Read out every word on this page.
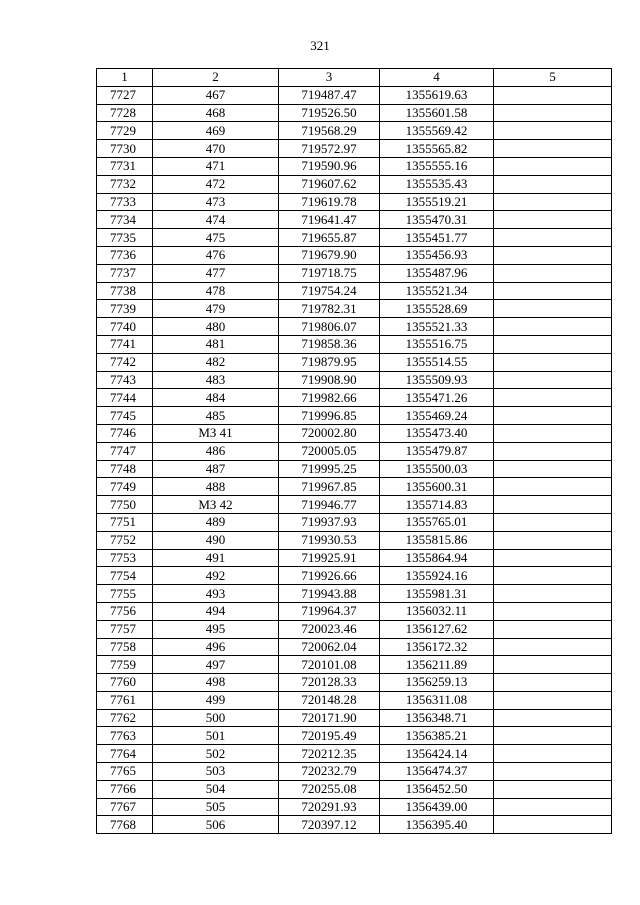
321
1	2	3	4	5
7727	467	719487.47	1355619.63	
7728	468	719526.50	1355601.58	
7729	469	719568.29	1355569.42	
7730	470	719572.97	1355565.82	
7731	471	719590.96	1355555.16	
7732	472	719607.62	1355535.43	
7733	473	719619.78	1355519.21	
7734	474	719641.47	1355470.31	
7735	475	719655.87	1355451.77	
7736	476	719679.90	1355456.93	
7737	477	719718.75	1355487.96	
7738	478	719754.24	1355521.34	
7739	479	719782.31	1355528.69	
7740	480	719806.07	1355521.33	
7741	481	719858.36	1355516.75	
7742	482	719879.95	1355514.55	
7743	483	719908.90	1355509.93	
7744	484	719982.66	1355471.26	
7745	485	719996.85	1355469.24	
7746	МЗ 41	720002.80	1355473.40	
7747	486	720005.05	1355479.87	
7748	487	719995.25	1355500.03	
7749	488	719967.85	1355600.31	
7750	МЗ 42	719946.77	1355714.83	
7751	489	719937.93	1355765.01	
7752	490	719930.53	1355815.86	
7753	491	719925.91	1355864.94	
7754	492	719926.66	1355924.16	
7755	493	719943.88	1355981.31	
7756	494	719964.37	1356032.11	
7757	495	720023.46	1356127.62	
7758	496	720062.04	1356172.32	
7759	497	720101.08	1356211.89	
7760	498	720128.33	1356259.13	
7761	499	720148.28	1356311.08	
7762	500	720171.90	1356348.71	
7763	501	720195.49	1356385.21	
7764	502	720212.35	1356424.14	
7765	503	720232.79	1356474.37	
7766	504	720255.08	1356452.50	
7767	505	720291.93	1356439.00	
7768	506	720397.12	1356395.40	
